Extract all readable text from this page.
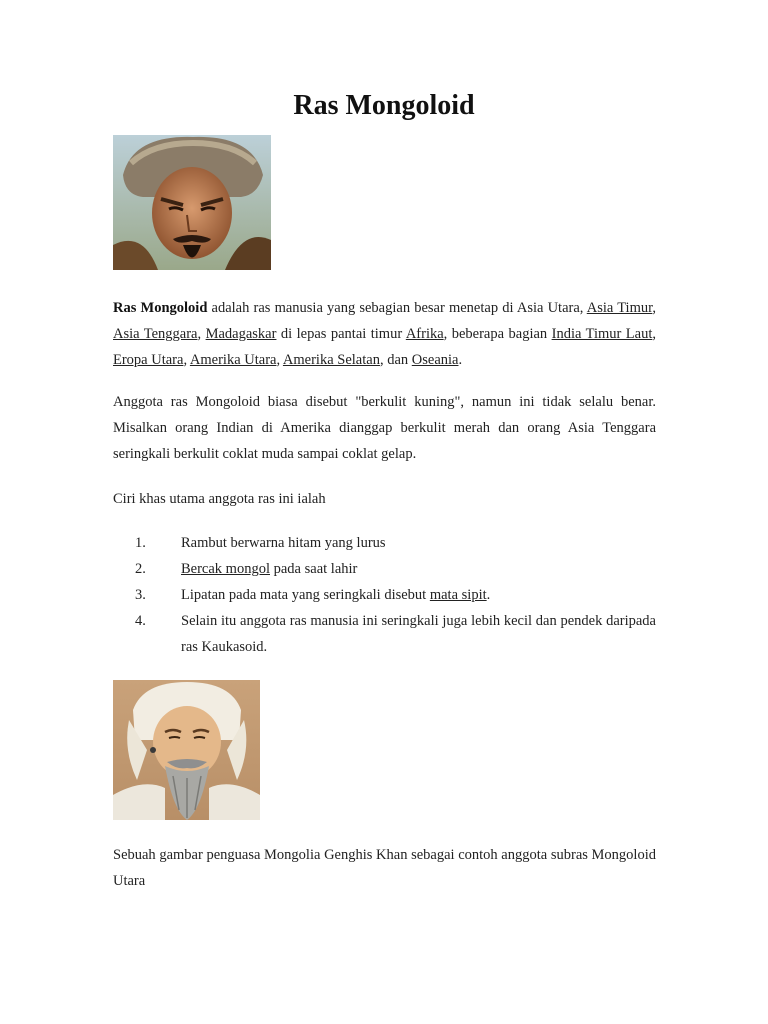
Ras Mongoloid
Ras Mongoloid adalah ras manusia yang sebagian besar menetap di Asia Utara, Asia Timur, Asia Tenggara, Madagaskar di lepas pantai timur Afrika, beberapa bagian India Timur Laut, Eropa Utara, Amerika Utara, Amerika Selatan, dan Oseania.
Anggota ras Mongoloid biasa disebut "berkulit kuning", namun ini tidak selalu benar. Misalkan orang Indian di Amerika dianggap berkulit merah dan orang Asia Tenggara seringkali berkulit coklat muda sampai coklat gelap.
Ciri khas utama anggota ras ini ialah
1. Rambut berwarna hitam yang lurus
2. Bercak mongol pada saat lahir
3. Lipatan pada mata yang seringkali disebut mata sipit.
4. Selain itu anggota ras manusia ini seringkali juga lebih kecil dan pendek daripada ras Kaukasoid.
Sebuah gambar penguasa Mongolia Genghis Khan sebagai contoh anggota subras Mongoloid Utara
